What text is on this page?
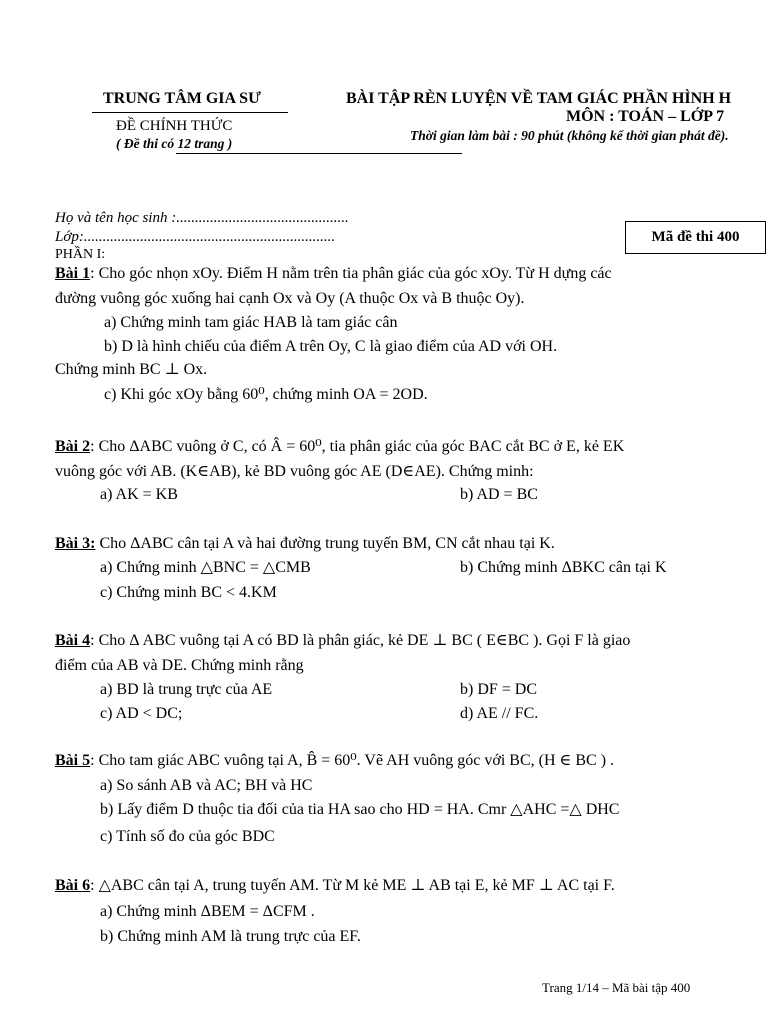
TRUNG TÂM GIA SƯ	BÀI TẬP RÈN LUYỆN VỀ TAM GIÁC PHẦN HÌNH H
ĐỀ CHÍNH THỨC
MÔN : TOÁN – LỚP 7
Thời gian làm bài : 90 phút (không kể thời gian phát đề).
( Đề thi có 12 trang )
Họ và tên học sinh :..............................................
Lớp:...................................................................	Mã đề thi 400
PHẦN I:
Bài 1: Cho góc nhọn xOy. Điểm H nằm trên tia phân giác của góc xOy. Từ H dựng các
đường vuông góc xuống hai cạnh Ox và Oy (A thuộc Ox và B thuộc Oy).
a) Chứng minh tam giác HAB là tam giác cân
b) D là hình chiếu của điểm A trên Oy, C là giao điểm của AD với OH.
Chứng minh BC ⊥ Ox.
c) Khi góc xOy bằng 60⁰, chứng minh OA = 2OD.
Bài 2: Cho ΔABC vuông ở C, có Â = 60⁰, tia phân giác của góc BAC cắt BC ở E, kẻ EK
vuông góc với AB. (K∈AB), kẻ BD vuông góc AE (D∈AE). Chứng minh:
a) AK = KB	b) AD = BC
Bài 3: Cho ΔABC cân tại A và hai đường trung tuyến BM, CN cắt nhau tại K.
a) Chứng minh △BNC = △CMB	b) Chứng minh ΔBKC cân tại K
c) Chứng minh BC < 4.KM
Bài 4: Cho Δ ABC vuông tại A có BD là phân giác, kẻ DE ⊥ BC ( E∈BC ). Gọi F là giao
điểm của AB và DE. Chứng minh rằng
a) BD là trung trực của AE	b) DF = DC
c) AD < DC;	d) AE // FC.
Bài 5: Cho tam giác ABC vuông tại A, B̂ = 60⁰. Vẽ AH vuông góc với BC, (H ∈ BC ) .
a) So sánh AB và AC; BH và HC
b) Lấy điểm D thuộc tia đối của tia HA sao cho HD = HA. Cmr △AHC =△ DHC
c) Tính số đo của góc BDC
Bài 6: △ABC cân tại A, trung tuyến AM. Từ M kẻ ME ⊥ AB tại E, kẻ MF ⊥ AC tại F.
a) Chứng minh ΔBEM = ΔCFM .
b) Chứng minh AM là trung trực của EF.
Trang 1/14 – Mã bài tập 400
